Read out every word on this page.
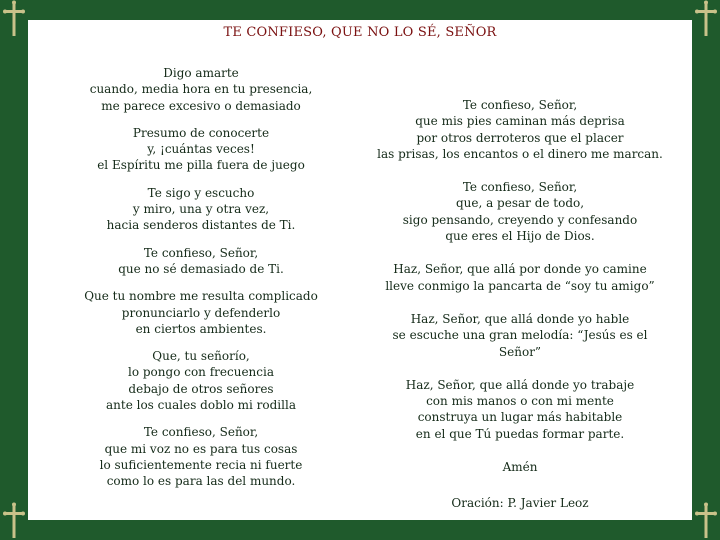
TE CONFIESO, QUE NO LO SÉ, SEÑOR

Digo amarte
cuando, media hora en tu presencia,
me parece excesivo o demasiado

Presumo de conocerte
y, ¡cuántas veces!
el Espíritu me pilla fuera de juego

Te sigo y escucho
y miro, una y otra vez,
hacia senderos distantes de Ti.

Te confieso, Señor,
que no sé demasiado de Ti.

Que tu nombre me resulta complicado
pronunciarlo y defenderlo
en ciertos ambientes.

Que, tu señorío,
lo pongo con frecuencia
debajo de otros señores
ante los cuales doblo mi rodilla

Te confieso, Señor,
que mi voz no es para tus cosas
lo suficientemente recia ni fuerte
como lo es para las del mundo.

Te confieso, Señor,
que mis pies caminan más deprisa
por otros derroteros que el placer
las prisas, los encantos o el dinero me marcan.

Te confieso, Señor,
que, a pesar de todo,
sigo pensando, creyendo y confesando
que eres el Hijo de Dios.

Haz, Señor, que allá por donde yo camine
lleve conmigo la pancarta de “soy tu amigo”

Haz, Señor, que allá donde yo hable
se escuche una gran melodía: “Jesús es el Señor”

Haz, Señor, que allá donde yo trabaje
con mis manos o con mi mente
construya un lugar más habitable
en el que Tú puedas formar parte.

Amén

Oración: P. Javier Leoz
